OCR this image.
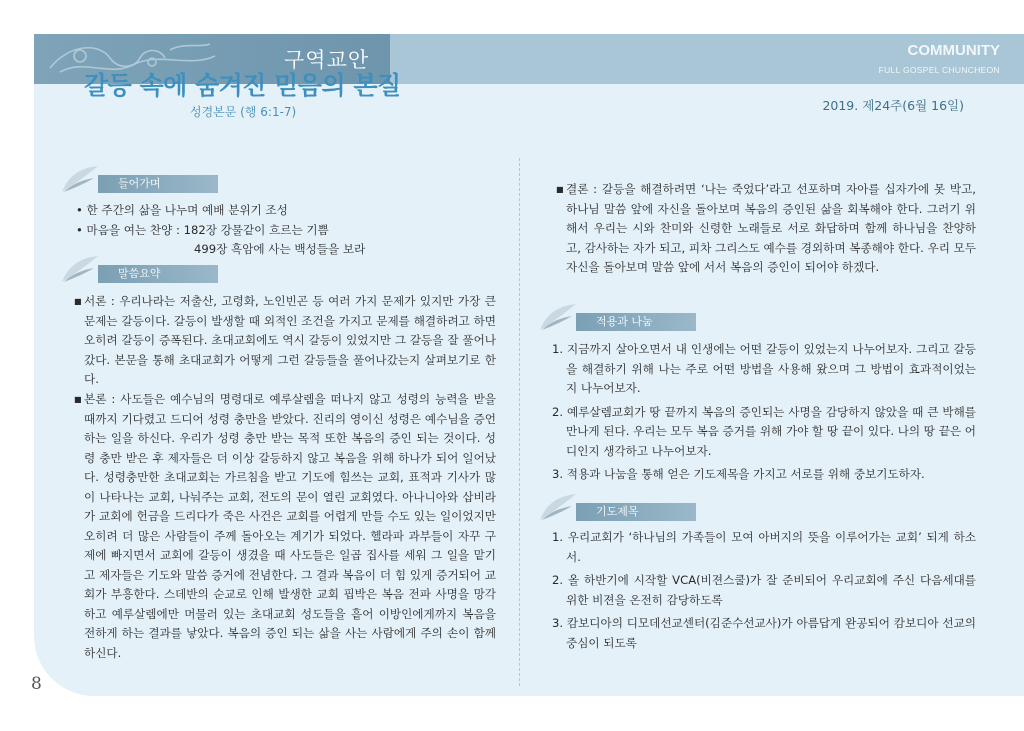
구역교안	COMMUNITY
FULL GOSPEL CHUNCHEON
갈등 속에 숨겨진 믿음의 본질
성경본문 (행 6:1-7)	2019. 제24주(6월 16일)
들어가며

• 한 주간의 삶을 나누며 예배 분위기 조성

• 마음을 여는 찬양 : 182장 강물같이 흐르는 기쁨

499장 흑암에 사는 백성들을 보라

말씀요약

■ 서론 : 우리나라는 저출산, 고령화, 노인빈곤 등 여러 가지 문제가 있지만 가장 큰 문제는 갈등이다. 갈등이 발생할 때 외적인 조건을 가지고 문제를 해결하려고 하면 오히려 갈등이 증폭된다. 초대교회에도 역시 갈등이 있었지만 그 갈등을 잘 풀어나갔다. 본문을 통해 초대교회가 어떻게 그런 갈등들을 풀어나갔는지 살펴보기로 한다.

■ 본론 : 사도들은 예수님의 명령대로 예루살렘을 떠나지 않고 성령의 능력을 받을 때까지 기다렸고 드디어 성령 충만을 받았다. 진리의 영이신 성령은 예수님을 증언하는 일을 하신다. 우리가 성령 충만 받는 목적 또한 복음의 증인 되는 것이다. 성령 충만 받은 후 제자들은 더 이상 갈등하지 않고 복음을 위해 하나가 되어 일어났다. 성령충만한 초대교회는 가르침을 받고 기도에 힘쓰는 교회, 표적과 기사가 많이 나타나는 교회, 나눠주는 교회, 전도의 문이 열린 교회였다. 아나니아와 삽비라가 교회에 헌금을 드리다가 죽은 사건은 교회를 어렵게 만들 수도 있는 일이었지만 오히려 더 많은 사람들이 주께 돌아오는 계기가 되었다. 헬라파 과부들이 자꾸 구제에 빠지면서 교회에 갈등이 생겼을 때 사도들은 일곱 집사를 세워 그 일을 맡기고 제자들은 기도와 말씀 증거에 전념한다. 그 결과 복음이 더 힘 있게 증거되어 교회가 부흥한다. 스데반의 순교로 인해 발생한 교회 핍박은 복음 전파 사명을 망각하고 예루살렘에만 머물러 있는 초대교회 성도들을 흩어 이방인에게까지 복음을 전하게 하는 결과를 낳았다. 복음의 증인 되는 삶을 사는 사람에게 주의 손이 함께 하신다.

■ 결론 : 갈등을 해결하려면 ‘나는 죽었다’라고 선포하며 자아를 십자가에 못 박고, 하나님 말씀 앞에 자신을 돌아보며 복음의 증인된 삶을 회복해야 한다. 그러기 위해서 우리는 시와 찬미와 신령한 노래들로 서로 화답하며 함께 하나님을 찬양하고, 감사하는 자가 되고, 피차 그리스도 예수를 경외하며 복종해야 한다. 우리 모두 자신을 돌아보며 말씀 앞에 서서 복음의 증인이 되어야 하겠다.

적용과 나눔

1. 지금까지 살아오면서 내 인생에는 어떤 갈등이 있었는지 나누어보자. 그리고 갈등을 해결하기 위해 나는 주로 어떤 방법을 사용해 왔으며 그 방법이 효과적이었는지 나누어보자.

2. 예루살렘교회가 땅 끝까지 복음의 증인되는 사명을 감당하지 않았을 때 큰 박해를 만나게 된다. 우리는 모두 복음 증거를 위해 가야 할 땅 끝이 있다. 나의 땅 끝은 어디인지 생각하고 나누어보자.

3. 적용과 나눔을 통해 얻은 기도제목을 가지고 서로를 위해 중보기도하자.

기도제목

1. 우리교회가 ‘하나님의 가족들이 모여 아버지의 뜻을 이루어가는 교회’ 되게 하소서.

2. 올 하반기에 시작할 VCA(비젼스쿨)가 잘 준비되어 우리교회에 주신 다음세대를 위한 비젼을 온전히 감당하도록

3. 캄보디아의 디모데선교센터(김준수선교사)가 아름답게 완공되어 캄보디아 선교의 중심이 되도록

8
